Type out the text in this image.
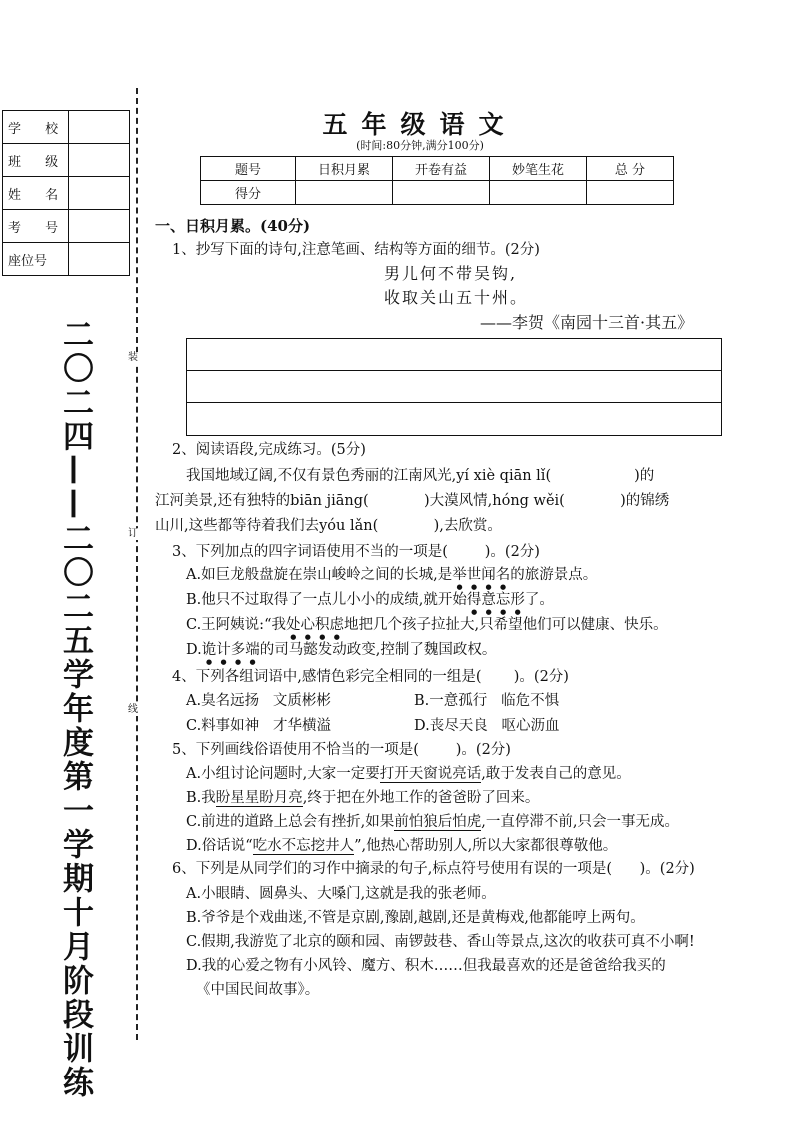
学 校	
班 级	
姓 名	
考 号	
座位号	
装
订
线
二〇二四——二〇二五学年度第一学期十月阶段训练
五年级语文
(时间:80分钟,满分100分)
题号	日积月累	开卷有益	妙笔生花	总 分
得分				
一、日积月累。(40分)
1、抄写下面的诗句,注意笔画、结构等方面的细节。(2分)
男儿何不带吴钩,
收取关山五十州。
——李贺《南园十三首·其五》
2、阅读语段,完成练习。(5分)
我国地域辽阔,不仅有景色秀丽的江南风光,yí xiè qiān lǐ(                  )的
江河美景,还有独特的biān jiāng(            )大漠风情,hóng wěi(            )的锦绣
山川,这些都等待着我们去yóu lǎn(            ),去欣赏。
3、下列加点的四字词语使用不当的一项是(        )。(2分)
A.如巨龙般盘旋在崇山峻岭之间的长城,是举世闻名的旅游景点。
B.他只不过取得了一点儿小小的成绩,就开始得意忘形了。
C.王阿姨说:“我处心积虑地把几个孩子拉扯大,只希望他们可以健康、快乐。
D.诡计多端的司马懿发动政变,控制了魏国政权。
4、下列各组词语中,感情色彩完全相同的一组是(       )。(2分)
A.臭名远扬   文质彬彬	B.一意孤行   临危不惧
C.料事如神   才华横溢	D.丧尽天良   呕心沥血
5、下列画线俗语使用不恰当的一项是(        )。(2分)
A.小组讨论问题时,大家一定要打开天窗说亮话,敢于发表自己的意见。
B.我盼星星盼月亮,终于把在外地工作的爸爸盼了回来。
C.前进的道路上总会有挫折,如果前怕狼后怕虎,一直停滞不前,只会一事无成。
D.俗话说“吃水不忘挖井人”,他热心帮助别人,所以大家都很尊敬他。
6、下列是从同学们的习作中摘录的句子,标点符号使用有误的一项是(      )。(2分)
A.小眼睛、圆鼻头、大嗓门,这就是我的张老师。
B.爷爷是个戏曲迷,不管是京剧,豫剧,越剧,还是黄梅戏,他都能哼上两句。
C.假期,我游览了北京的颐和园、南锣鼓巷、香山等景点,这次的收获可真不小啊!
D.我的心爱之物有小风铃、魔方、积木……但我最喜欢的还是爸爸给我买的
《中国民间故事》。
